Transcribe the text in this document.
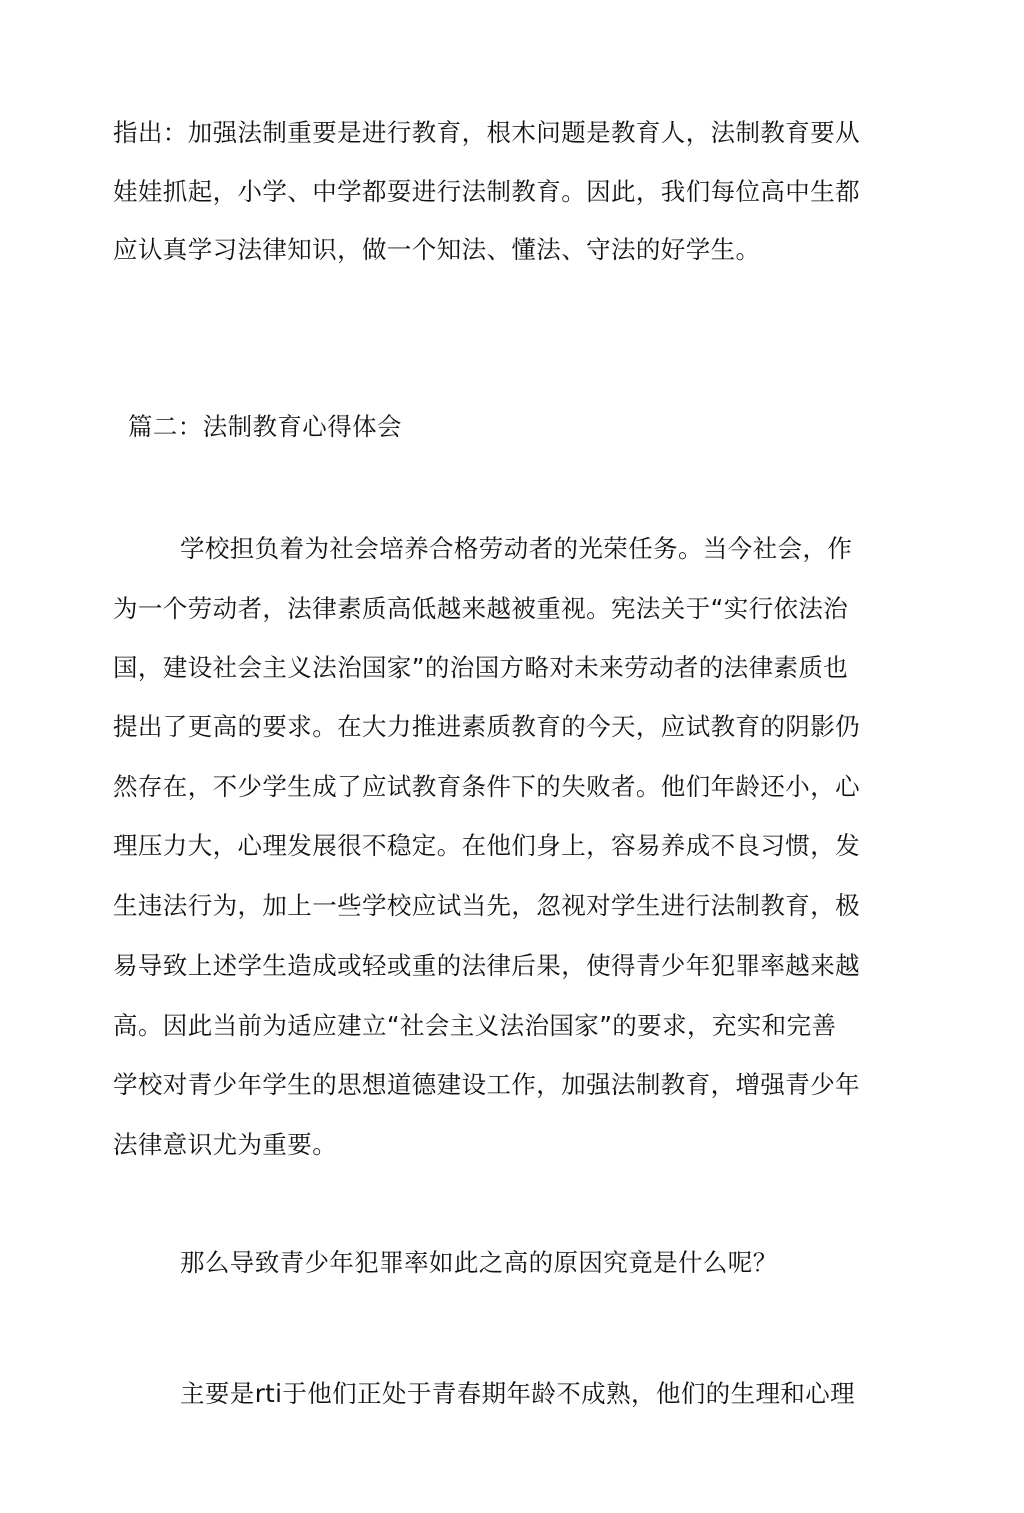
指出：加强法制重要是进行教育，根木问题是教育人，法制教育要从
娃娃抓起，小学、中学都耍进行法制教育。因此，我们每位高中生都
应认真学习法律知识，做一个知法、懂法、守法的好学生。
篇二：法制教育心得体会
学校担负着为社会培养合格劳动者的光荣任务。当今社会，作
为一个劳动者，法律素质高低越来越被重视。宪法关于“实行依法治
国，建设社会主义法治国家”的治国方略对未来劳动者的法律素质也
提出了更高的要求。在大力推进素质教育的今天，应试教育的阴影仍
然存在，不少学生成了应试教育条件下的失败者。他们年龄还小，心
理压力大，心理发展很不稳定。在他们身上，容易养成不良习惯，发
生违法行为，加上一些学校应试当先，忽视对学生进行法制教育，极
易导致上述学生造成或轻或重的法律后果，使得青少年犯罪率越来越
高。因此当前为适应建立“社会主义法治国家”的要求，充实和完善
学校对青少年学生的思想道德建设工作，加强法制教育，增强青少年
法律意识尤为重要。
那么导致青少年犯罪率如此之高的原因究竟是什么呢？
主要是rti于他们正处于青春期年龄不成熟，他们的生理和心理
